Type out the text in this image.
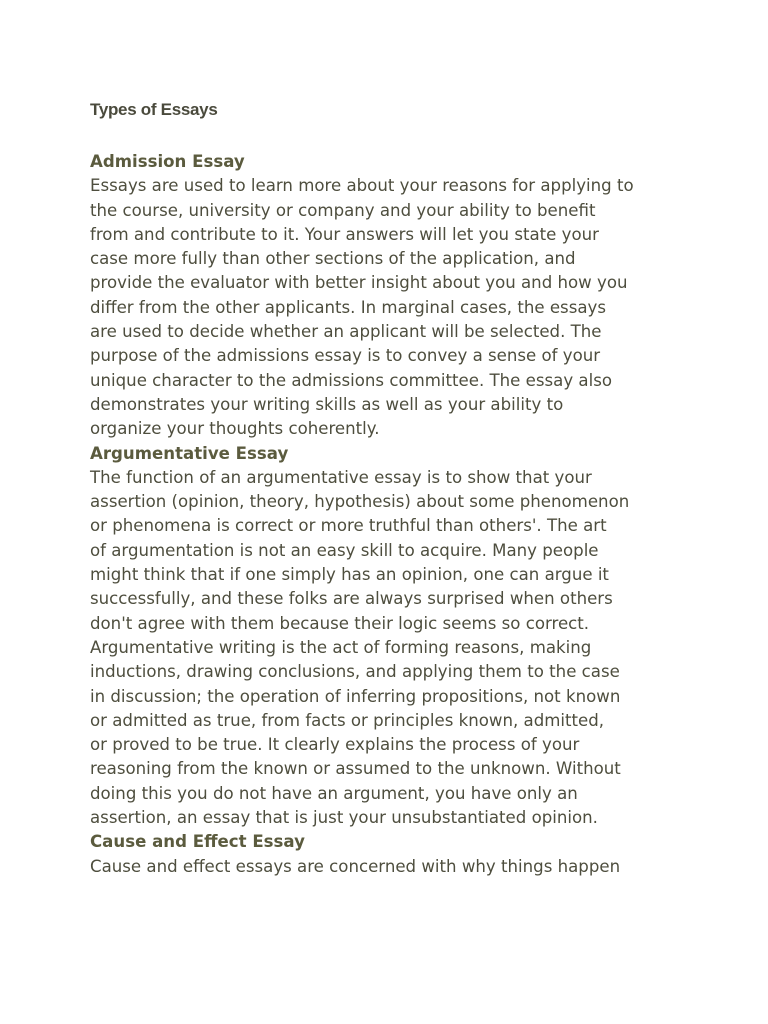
Types of Essays
Admission Essay
Essays are used to learn more about your reasons for applying to
the course, university or company and your ability to benefit
from and contribute to it. Your answers will let you state your
case more fully than other sections of the application, and
provide the evaluator with better insight about you and how you
differ from the other applicants. In marginal cases, the essays
are used to decide whether an applicant will be selected. The
purpose of the admissions essay is to convey a sense of your
unique character to the admissions committee. The essay also
demonstrates your writing skills as well as your ability to
organize your thoughts coherently.
Argumentative Essay
The function of an argumentative essay is to show that your
assertion (opinion, theory, hypothesis) about some phenomenon
or phenomena is correct or more truthful than others'. The art
of argumentation is not an easy skill to acquire. Many people
might think that if one simply has an opinion, one can argue it
successfully, and these folks are always surprised when others
don't agree with them because their logic seems so correct.
Argumentative writing is the act of forming reasons, making
inductions, drawing conclusions, and applying them to the case
in discussion; the operation of inferring propositions, not known
or admitted as true, from facts or principles known, admitted,
or proved to be true. It clearly explains the process of your
reasoning from the known or assumed to the unknown. Without
doing this you do not have an argument, you have only an
assertion, an essay that is just your unsubstantiated opinion.
Cause and Effect Essay
Cause and effect essays are concerned with why things happen
